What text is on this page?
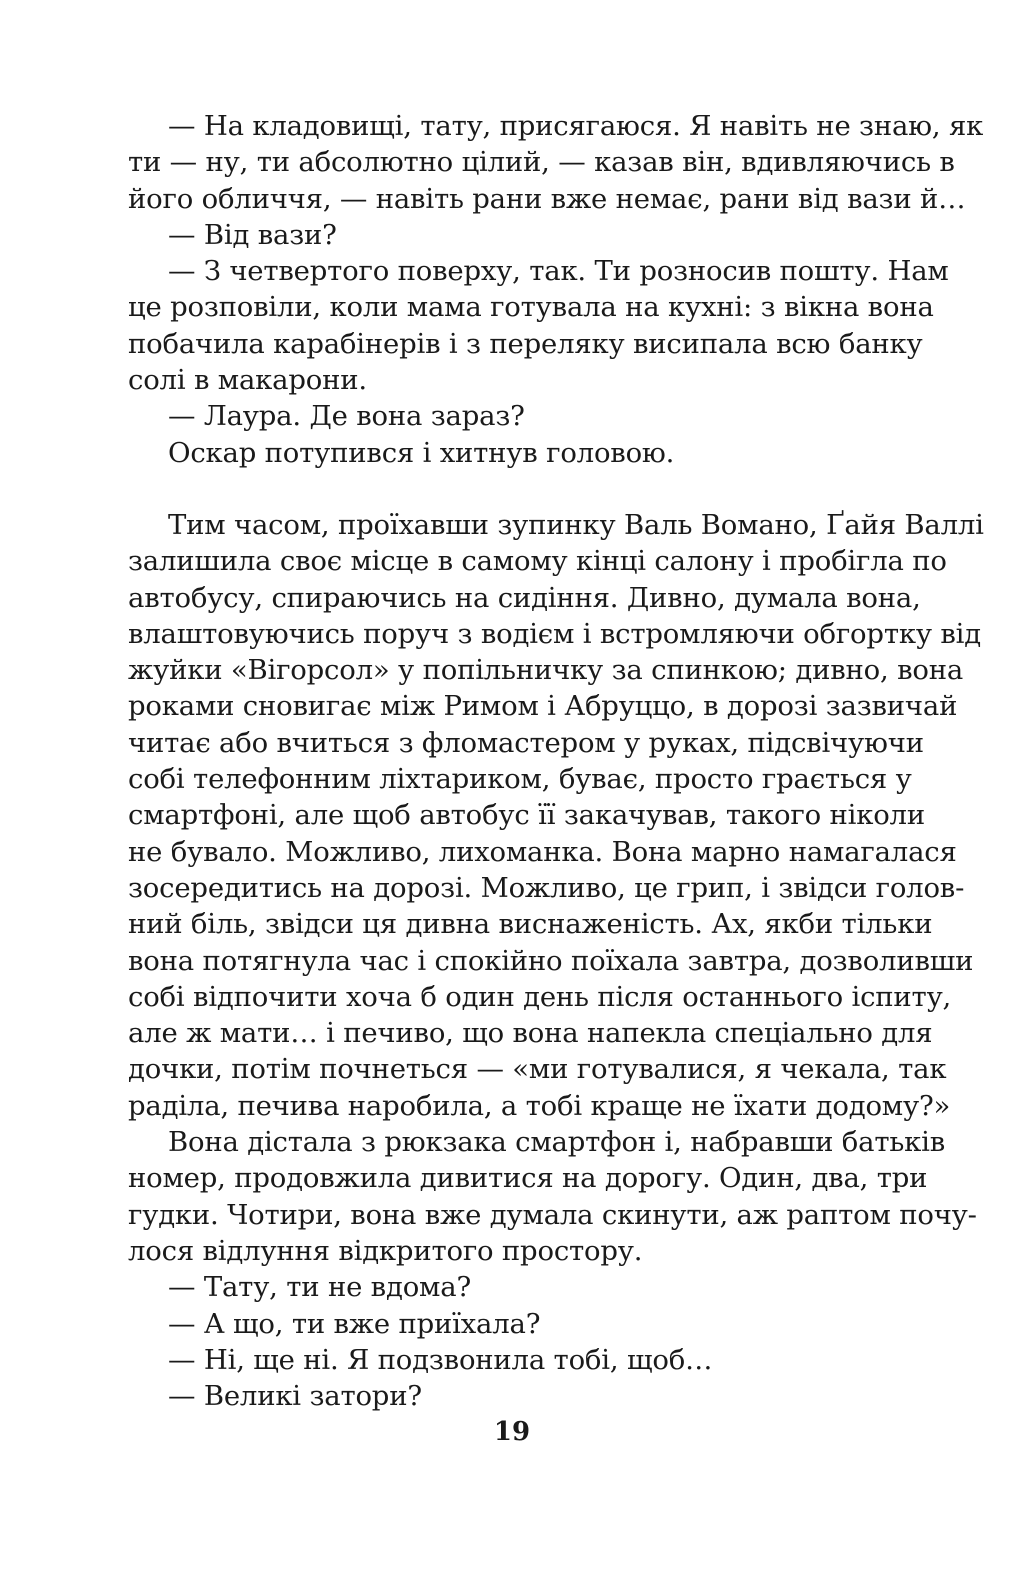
— На кладовищі, тату, присягаюся. Я навіть не знаю, як
ти — ну, ти абсолютно цілий, — казав він, вдивляючись в
його обличчя, — навіть рани вже немає, рани від вази й…
— Від вази?
— З четвертого поверху, так. Ти розносив пошту. Нам
це розповіли, коли мама готувала на кухні: з вікна вона
побачила карабінерів і з переляку висипала всю банку
солі в макарони.
— Лаура. Де вона зараз?
Оскар потупився і хитнув головою.
Тим часом, проїхавши зупинку Валь Вомано, Ґайя Валлі
залишила своє місце в самому кінці салону і пробігла по
автобусу, спираючись на сидіння. Дивно, думала вона,
влаштовуючись поруч з водієм і встромляючи обгортку від
жуйки «Вігорсол» у попільничку за спинкою; дивно, вона
роками сновигає між Римом і Абруццо, в дорозі зазвичай
читає або вчиться з фломастером у руках, підсвічуючи
собі телефонним ліхтариком, буває, просто грається у
смартфоні, але щоб автобус її закачував, такого ніколи
не бувало. Можливо, лихоманка. Вона марно намагалася
зосередитись на дорозі. Можливо, це грип, і звідси голов-
ний біль, звідси ця дивна виснаженість. Ах, якби тільки
вона потягнула час і спокійно поїхала завтра, дозволивши
собі відпочити хоча б один день після останнього іспиту,
але ж мати… і печиво, що вона напекла спеціально для
дочки, потім почнеться — «ми готувалися, я чекала, так
раділа, печива наробила, а тобі краще не їхати додому?»
Вона дістала з рюкзака смартфон і, набравши батьків
номер, продовжила дивитися на дорогу. Один, два, три
гудки. Чотири, вона вже думала скинути, аж раптом почу-
лося відлуння відкритого простору.
— Тату, ти не вдома?
— А що, ти вже приїхала?
— Ні, ще ні. Я подзвонила тобі, щоб…
— Великі затори?
19
